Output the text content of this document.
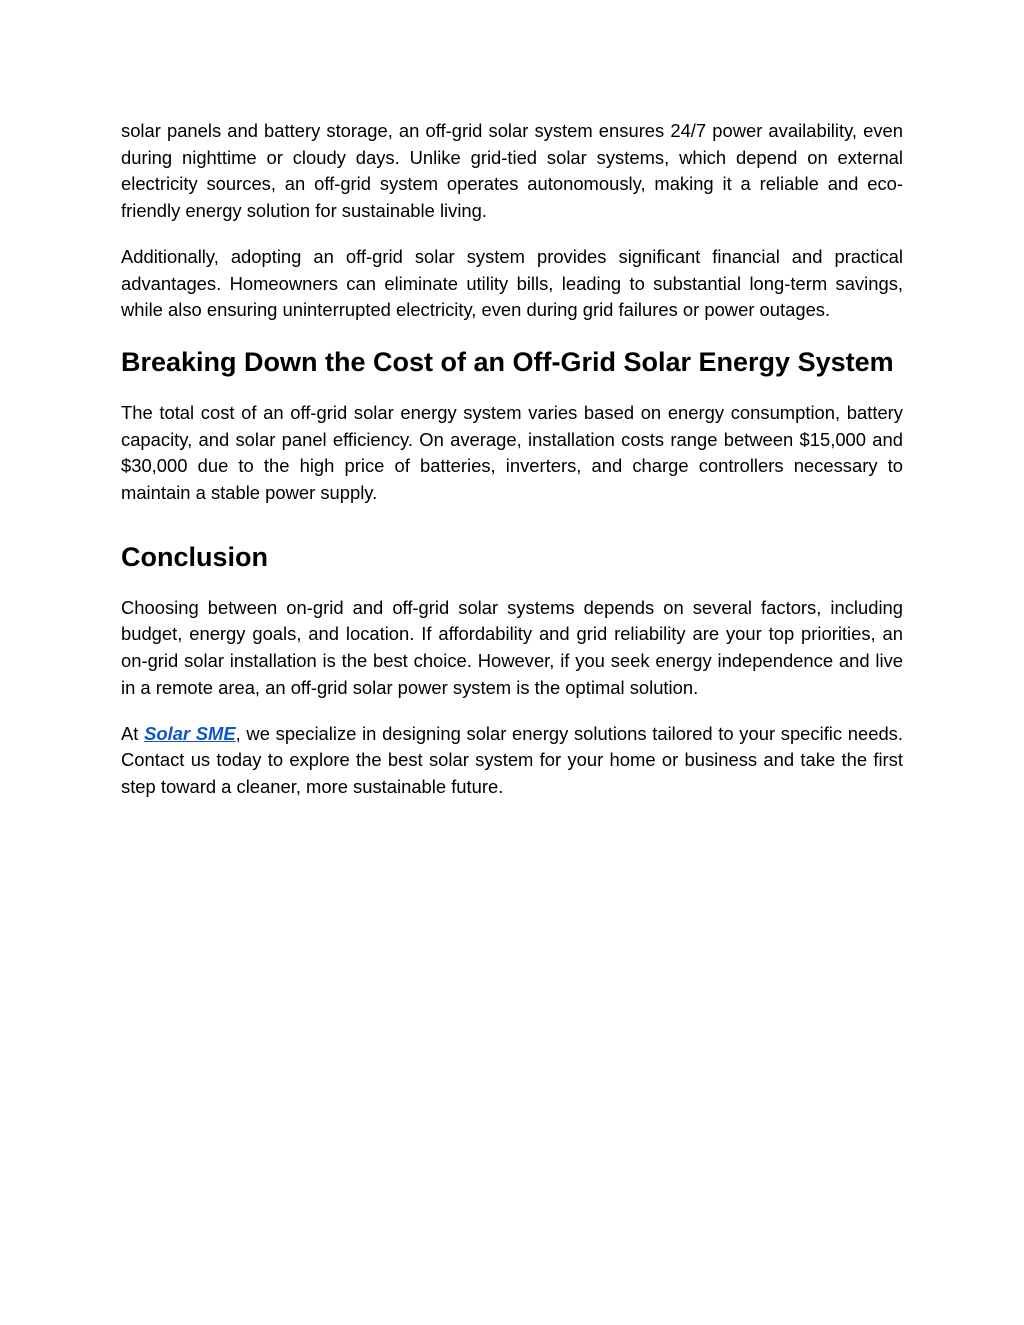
solar panels and battery storage, an off-grid solar system ensures 24/7 power availability, even during nighttime or cloudy days. Unlike grid-tied solar systems, which depend on external electricity sources, an off-grid system operates autonomously, making it a reliable and eco-friendly energy solution for sustainable living.

Additionally, adopting an off-grid solar system provides significant financial and practical advantages. Homeowners can eliminate utility bills, leading to substantial long-term savings, while also ensuring uninterrupted electricity, even during grid failures or power outages.

Breaking Down the Cost of an Off-Grid Solar Energy System

The total cost of an off-grid solar energy system varies based on energy consumption, battery capacity, and solar panel efficiency. On average, installation costs range between $15,000 and $30,000 due to the high price of batteries, inverters, and charge controllers necessary to maintain a stable power supply.

Conclusion

Choosing between on-grid and off-grid solar systems depends on several factors, including budget, energy goals, and location. If affordability and grid reliability are your top priorities, an on-grid solar installation is the best choice. However, if you seek energy independence and live in a remote area, an off-grid solar power system is the optimal solution.

At Solar SME, we specialize in designing solar energy solutions tailored to your specific needs. Contact us today to explore the best solar system for your home or business and take the first step toward a cleaner, more sustainable future.
